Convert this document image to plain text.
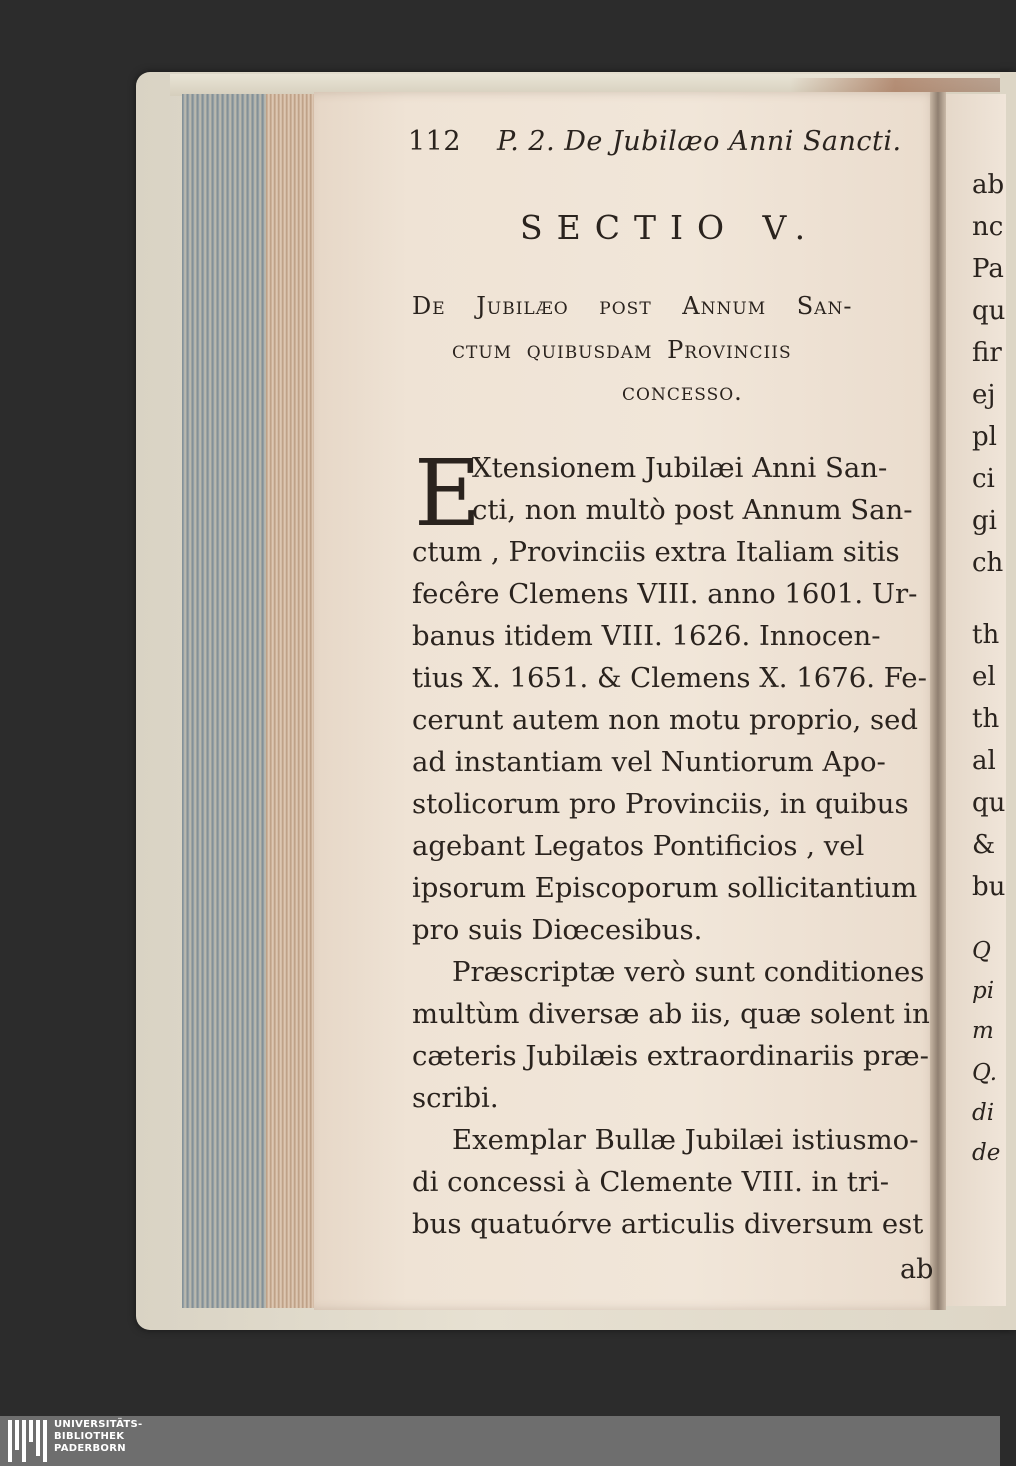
112 P. 2. De Jubilæo Anni Sancti.
SECTIO V.
De Jubilæo post Annum San-
ctum quibusdam Provinciis
concesso.
E
Xtensionem Jubilæi Anni San-
cti, non multò post Annum San-
ctum , Provinciis extra Italiam sitis
fecêre Clemens VIII. anno 1601. Ur-
banus itidem VIII. 1626. Innocen-
tius X. 1651. & Clemens X. 1676. Fe-
cerunt autem non motu proprio, sed
ad instantiam vel Nuntiorum Apo-
stolicorum pro Provinciis, in quibus
agebant Legatos Pontificios , vel
ipsorum Episcoporum sollicitantium
pro suis Diœcesibus.
Præscriptæ verò sunt conditiones
multùm diversæ ab iis, quæ solent in
cæteris Jubilæis extraordinariis præ-
scribi.
Exemplar Bullæ Jubilæi istiusmo-
di concessi à Clemente VIII. in tri-
bus quatuórve articulis diversum est
ab
ab
nc
Pa
qu
fir
ej
pl
ci
gi
ch
th
el
th
al
qu
&
bu
Q
pi
m
Q.
di
de
UNIVERSITÄTS-
BIBLIOTHEK
PADERBORN
